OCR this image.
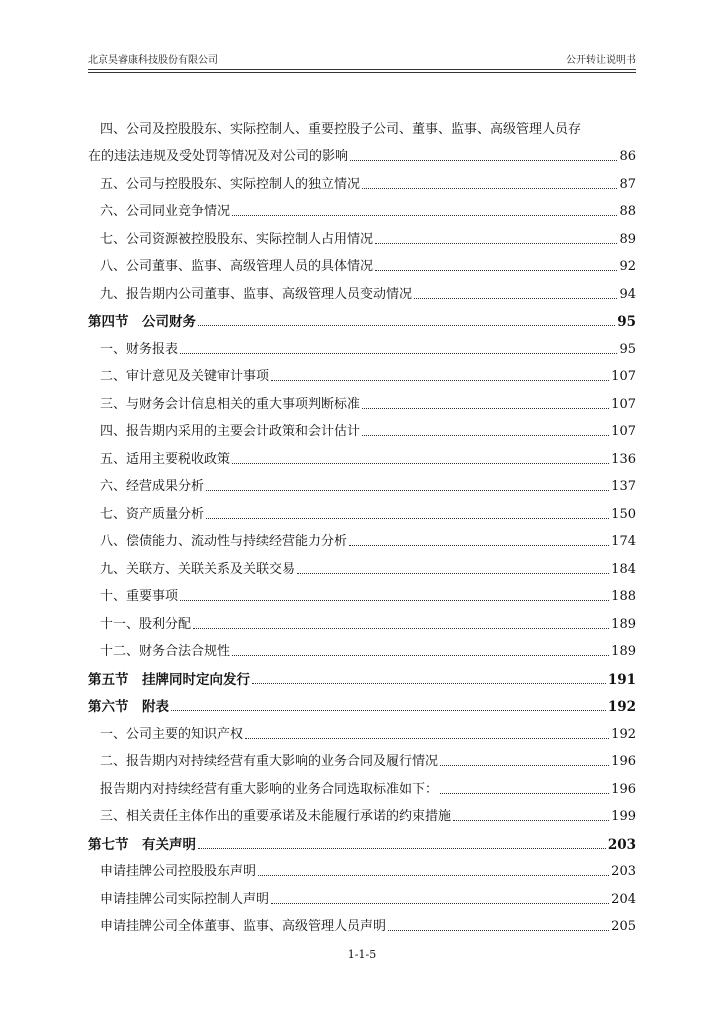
北京昊睿康科技股份有限公司	公开转让说明书
四、公司及控股股东、实际控制人、重要控股子公司、董事、监事、高级管理人员存
在的违法违规及受处罚等情况及对公司的影响	86
五、公司与控股股东、实际控制人的独立情况	87
六、公司同业竞争情况	88
七、公司资源被控股股东、实际控制人占用情况	89
八、公司董事、监事、高级管理人员的具体情况	92
九、报告期内公司董事、监事、高级管理人员变动情况	94
第四节　公司财务	95
一、财务报表	95
二、审计意见及关键审计事项	107
三、与财务会计信息相关的重大事项判断标准	107
四、报告期内采用的主要会计政策和会计估计	107
五、适用主要税收政策	136
六、经营成果分析	137
七、资产质量分析	150
八、偿债能力、流动性与持续经营能力分析	174
九、关联方、关联关系及关联交易	184
十、重要事项	188
十一、股利分配	189
十二、财务合法合规性	189
第五节　挂牌同时定向发行	191
第六节　附表	192
一、公司主要的知识产权	192
二、报告期内对持续经营有重大影响的业务合同及履行情况	196
报告期内对持续经营有重大影响的业务合同选取标准如下：	196
三、相关责任主体作出的重要承诺及未能履行承诺的约束措施	199
第七节　有关声明	203
申请挂牌公司控股股东声明	203
申请挂牌公司实际控制人声明	204
申请挂牌公司全体董事、监事、高级管理人员声明	205
1-1-5
